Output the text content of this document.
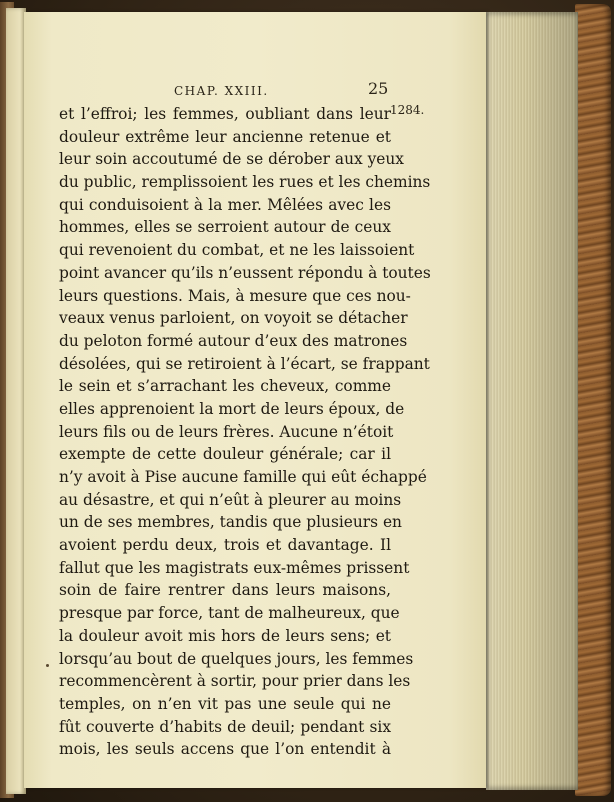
CHAP. XXIII.	25
1284.
et l’effroi; les femmes, oubliant dans leur
douleur extrême leur ancienne retenue et
leur soin accoutumé de se dérober aux yeux
du public, remplissoient les rues et les chemins
qui conduisoient à la mer. Mêlées avec les
hommes, elles se serroient autour de ceux
qui revenoient du combat, et ne les laissoient
point avancer qu’ils n’eussent répondu à toutes
leurs questions. Mais, à mesure que ces nou-
veaux venus parloient, on voyoit se détacher
du peloton formé autour d’eux des matrones
désolées, qui se retiroient à l’écart, se frappant
le sein et s’arrachant les cheveux, comme
elles apprenoient la mort de leurs époux, de
leurs fils ou de leurs frères. Aucune n’étoit
exempte de cette douleur générale; car il
n’y avoit à Pise aucune famille qui eût échappé
au désastre, et qui n’eût à pleurer au moins
un de ses membres, tandis que plusieurs en
avoient perdu deux, trois et davantage. Il
fallut que les magistrats eux-mêmes prissent
soin de faire rentrer dans leurs maisons,
presque par force, tant de malheureux, que
la douleur avoit mis hors de leurs sens; et
lorsqu’au bout de quelques jours, les femmes
recommencèrent à sortir, pour prier dans les
temples, on n’en vit pas une seule qui ne
fût couverte d’habits de deuil; pendant six
mois, les seuls accens que l’on entendit à
